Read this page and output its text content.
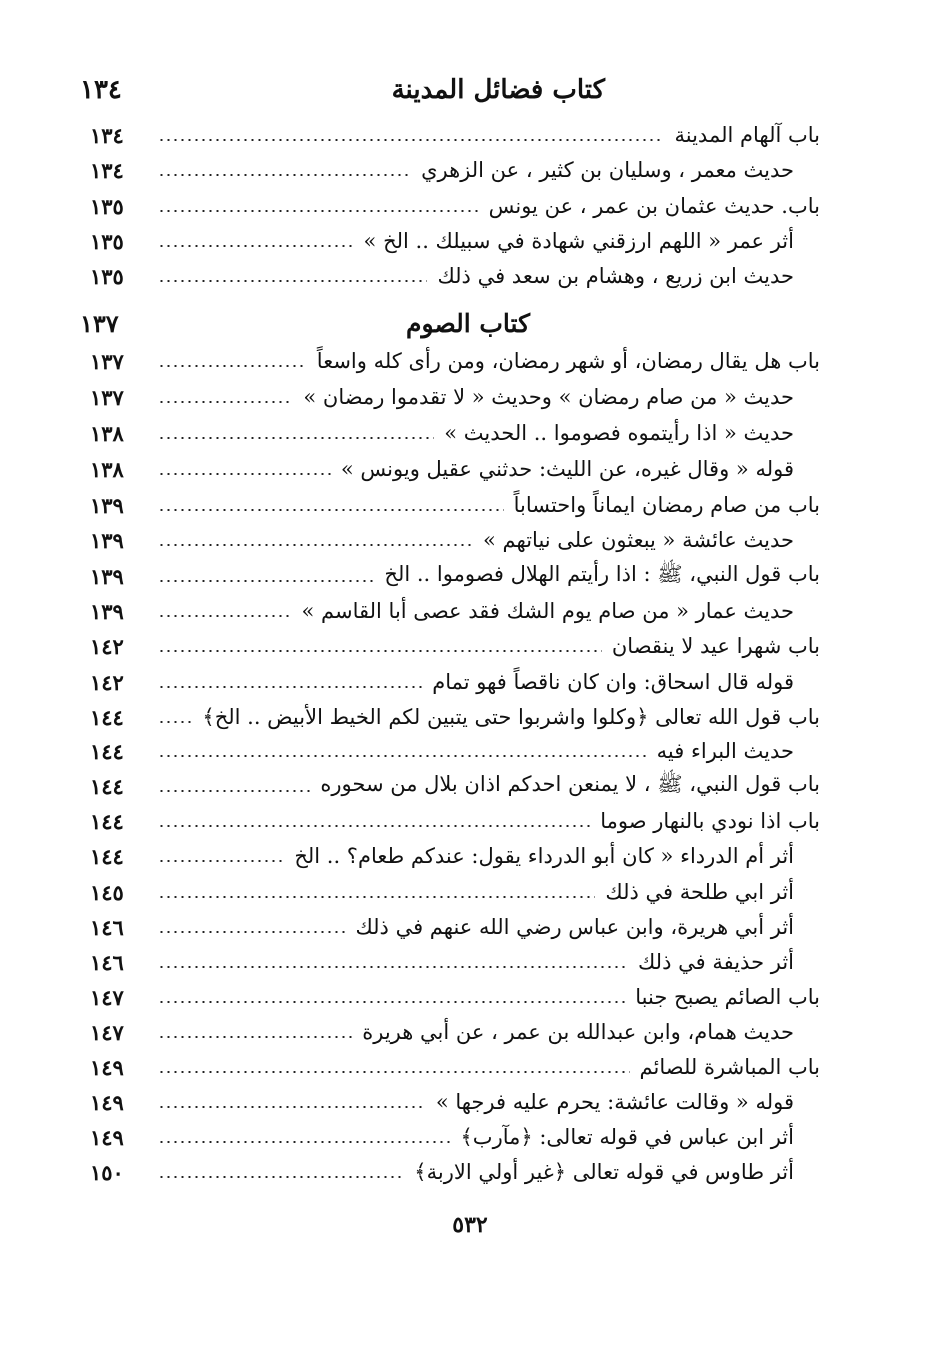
كتاب فضائل المدينة
١٣٤
باب آلهام المدينة
١٣٤
حديث معمر ، وسليان بن كثير ، عن الزهري
١٣٤
باب. حديث عثمان بن عمر ، عن يونس
١٣٥
أثر عمر « اللهم ارزقني شهادة في سبيلك .. الخ »
١٣٥
حديث ابن زريع ، وهشام بن سعد في ذلك
١٣٥
كتاب الصوم
١٣٧
باب هل يقال رمضان، أو شهر رمضان، ومن رأى كله واسعاً
١٣٧
حديث « من صام رمضان » وحديث « لا تقدموا رمضان »
١٣٧
حديث « اذا رأيتموه فصوموا .. الحديث »
١٣٨
قوله « وقال غيره، عن الليث: حدثني عقيل ويونس »
١٣٨
باب من صام رمضان ايماناً واحتساباً
١٣٩
حديث عائشة « يبعثون على نياتهم »
١٣٩
باب قول النبي، ﷺ : اذا رأيتم الهلال فصوموا .. الخ
١٣٩
حديث عمار « من صام يوم الشك فقد عصى أبا القاسم »
١٣٩
باب شهرا عيد لا ينقصان
١٤٢
قوله قال اسحاق: وان كان ناقصاً فهو تمام
١٤٢
باب قول الله تعالى ﴿وكلوا واشربوا حتى يتبين لكم الخيط الأبيض .. الخ﴾
١٤٤
حديث البراء فيه
١٤٤
باب قول النبي، ﷺ ، لا يمنعن احدكم اذان بلال من سحوره
١٤٤
باب اذا نودي بالنهار صوما
١٤٤
أثر أم الدرداء « كان أبو الدرداء يقول: عندكم طعام؟ .. الخ
١٤٤
أثر ابي طلحة في ذلك
١٤٥
أثر أبي هريرة، وابن عباس رضي الله عنهم في ذلك
١٤٦
أثر حذيفة في ذلك
١٤٦
باب الصائم يصبح جنبا
١٤٧
حديث همام، وابن عبدالله بن عمر ، عن أبي هريرة
١٤٧
باب المباشرة للصائم
١٤٩
قوله « وقالت عائشة: يحرم عليه فرجها »
١٤٩
أثر ابن عباس في قوله تعالى: ﴿مآرب﴾
١٤٩
أثر طاوس في قوله تعالى ﴿غير أولي الاربة﴾
١٥٠
٥٣٢
